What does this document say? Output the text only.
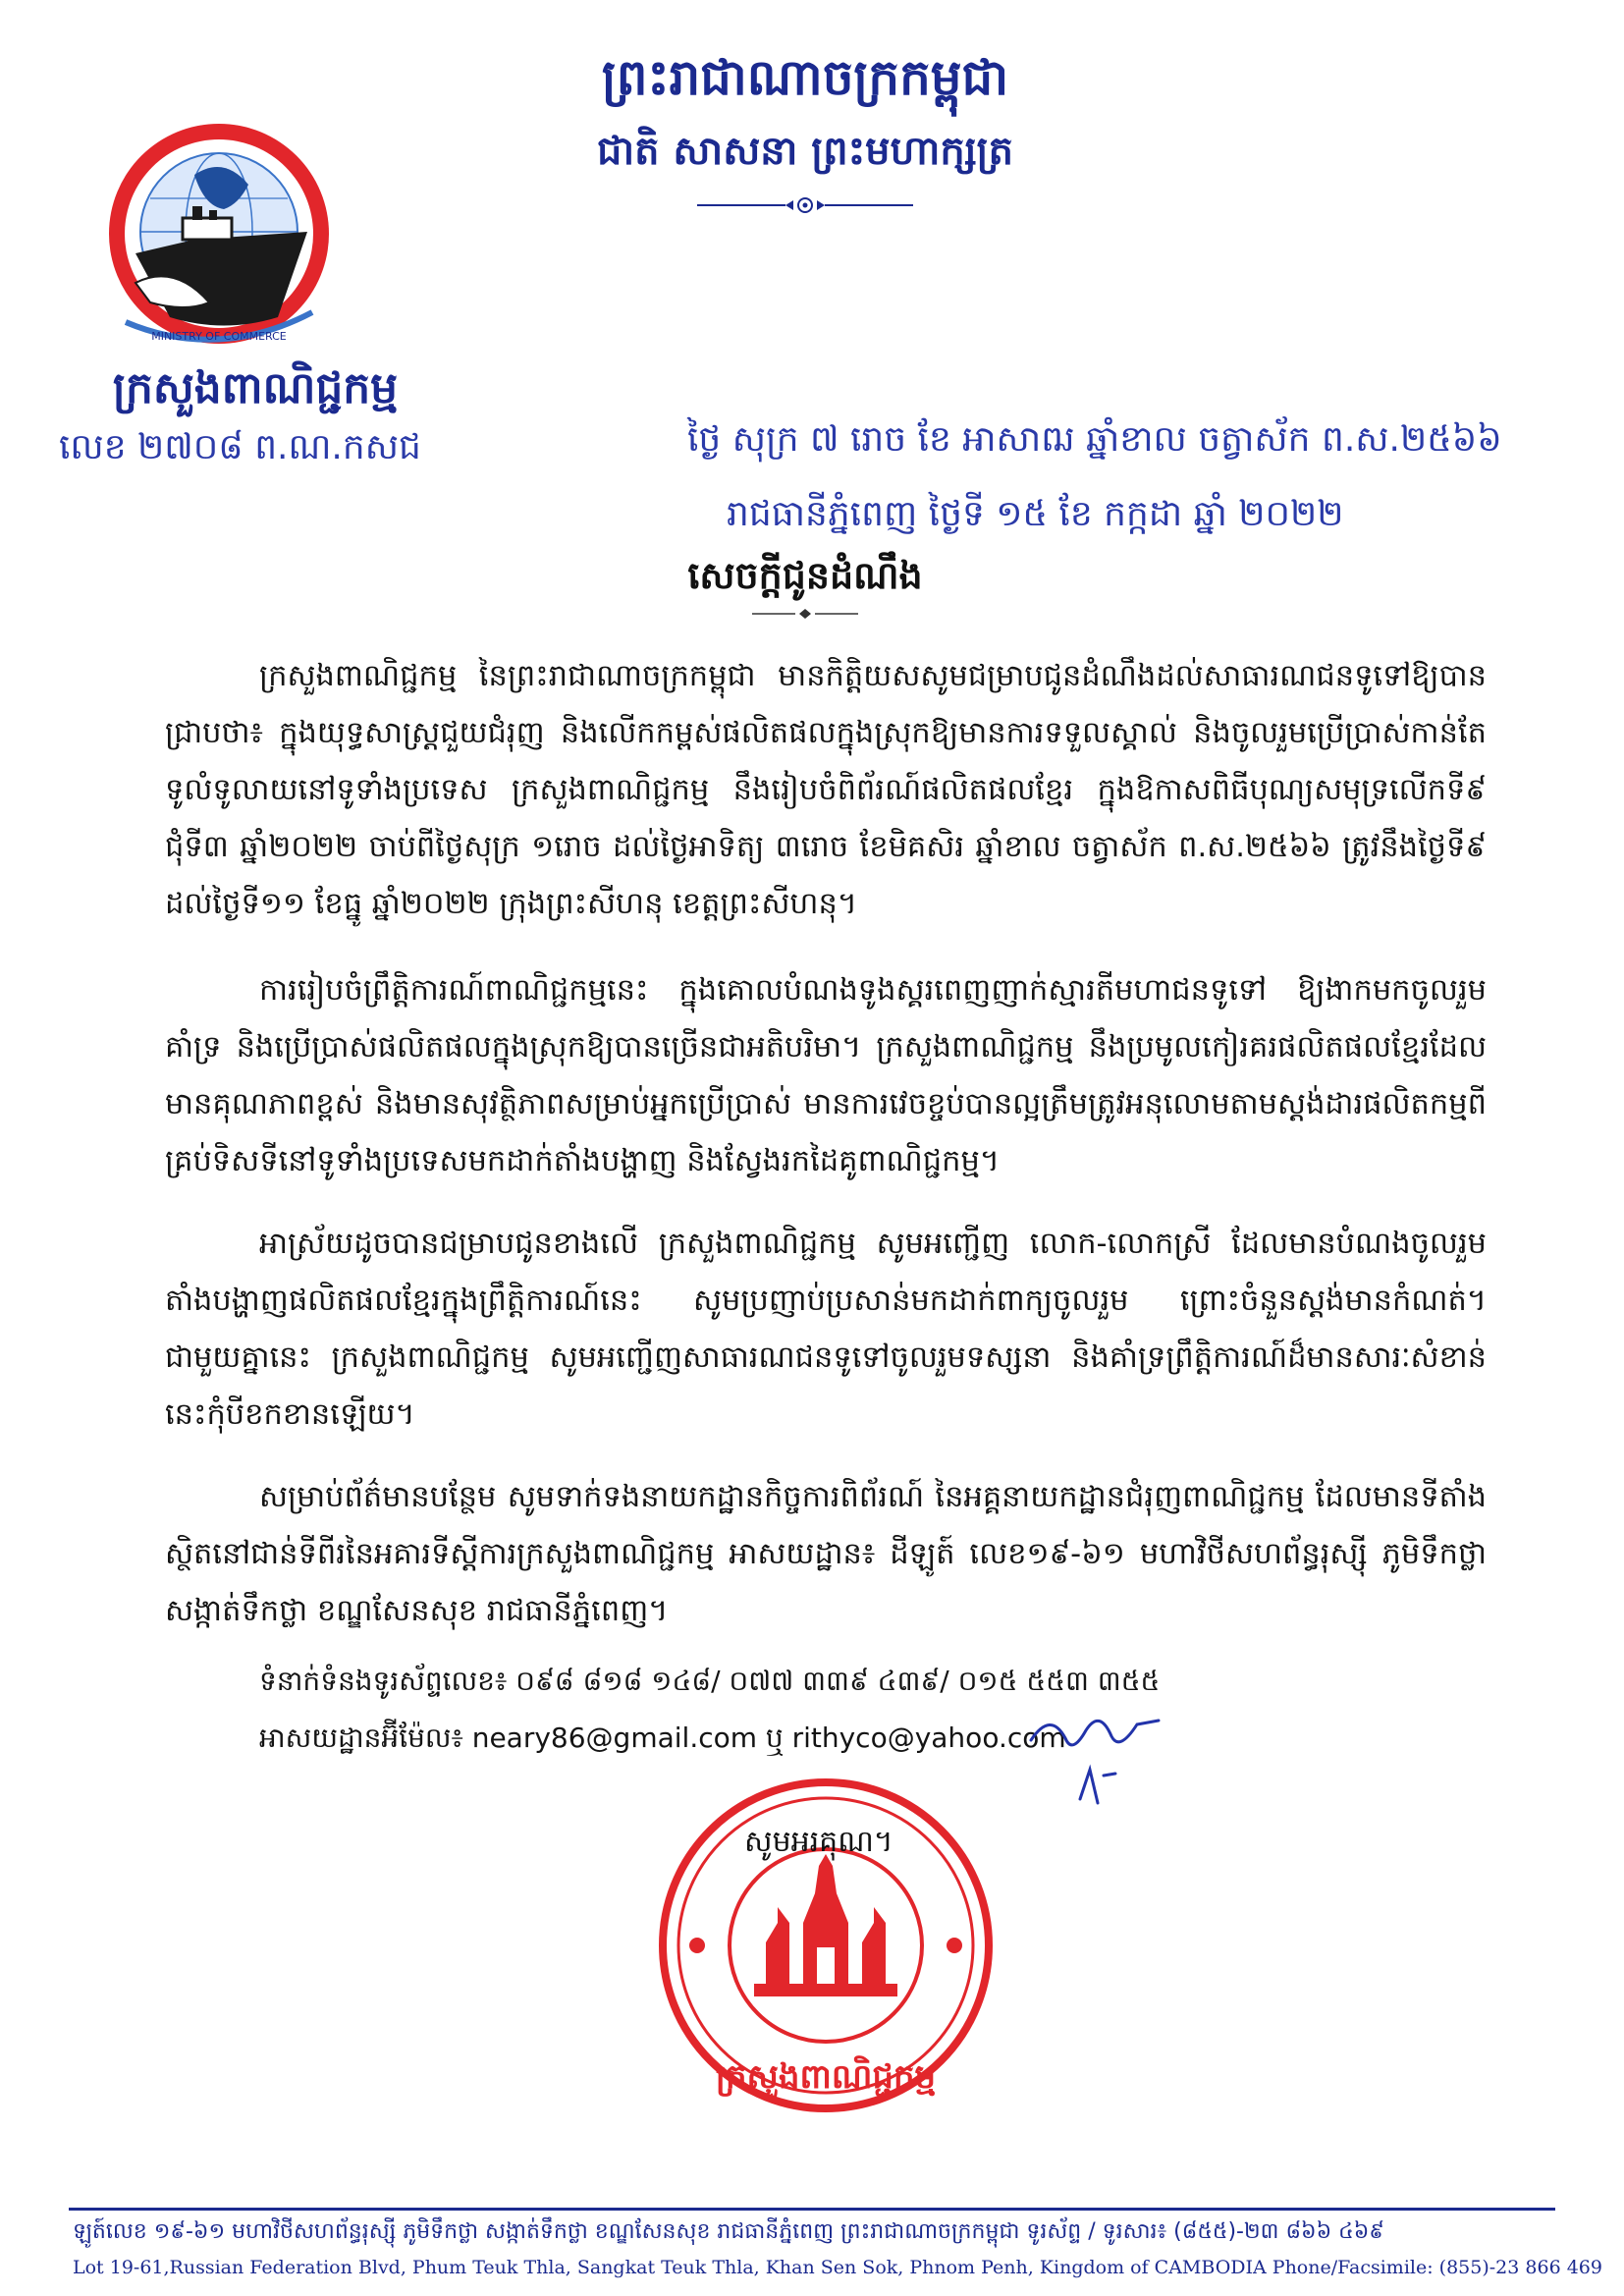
ព្រះរាជាណាចក្រកម្ពុជា
ជាតិ សាសនា ព្រះមហាក្សត្រ
MINISTRY OF COMMERCE
ក្រសួងពាណិជ្ជកម្ម
លេខ ២៧០៨ ព.ណ.កសជ	ថ្ងៃ សុក្រ ៧ រោច ខែ អាសាឍ ឆ្នាំខាល ចត្វាស័ក ព.ស.២៥៦៦
រាជធានីភ្នំពេញ ថ្ងៃទី ១៥ ខែ កក្កដា ឆ្នាំ ២០២២
សេចក្តីជូនដំណឹង
ក្រសួងពាណិជ្ជកម្ម នៃព្រះរាជាណាចក្រកម្ពុជា មានកិត្តិយសសូមជម្រាបជូនដំណឹងដល់សាធារណជនទូទៅឱ្យបានជ្រាបថា៖ ក្នុងយុទ្ធសាស្ត្រជួយជំរុញ និងលើកកម្ពស់ផលិតផលក្នុងស្រុកឱ្យមានការទទួលស្គាល់ និងចូលរួមប្រើប្រាស់កាន់តែទូលំទូលាយនៅទូទាំងប្រទេស ក្រសួងពាណិជ្ជកម្ម នឹងរៀបចំពិព័រណ៍ផលិតផលខ្មែរ ក្នុងឱកាសពិធីបុណ្យសមុទ្រលើកទី៩ ជុំទី៣ ឆ្នាំ២០២២ ចាប់ពីថ្ងៃសុក្រ ១រោច ដល់ថ្ងៃអាទិត្យ ៣រោច ខែមិគសិរ ឆ្នាំខាល ចត្វាស័ក ព.ស.២៥៦៦ ត្រូវនឹងថ្ងៃទី៩ ដល់ថ្ងៃទី១១ ខែធ្នូ ឆ្នាំ២០២២ ក្រុងព្រះសីហនុ ខេត្តព្រះសីហនុ។
ការរៀបចំព្រឹត្តិការណ៍ពាណិជ្ជកម្មនេះ ក្នុងគោលបំណងទូងស្គរពេញញាក់ស្មារតីមហាជនទូទៅ ឱ្យងាកមកចូលរួមគាំទ្រ និងប្រើប្រាស់ផលិតផលក្នុងស្រុកឱ្យបានច្រើនជាអតិបរិមា។ ក្រសួងពាណិជ្ជកម្ម នឹងប្រមូលកៀរគរផលិតផលខ្មែរដែលមានគុណភាពខ្ពស់ និងមានសុវត្ថិភាពសម្រាប់អ្នកប្រើប្រាស់ មានការវេចខ្ចប់បានល្អត្រឹមត្រូវអនុលោមតាមស្តង់ដារផលិតកម្មពីគ្រប់ទិសទីនៅទូទាំងប្រទេសមកដាក់តាំងបង្ហាញ និងស្វែងរកដៃគូពាណិជ្ជកម្ម។
អាស្រ័យដូចបានជម្រាបជូនខាងលើ ក្រសួងពាណិជ្ជកម្ម សូមអញ្ជើញ លោក-លោកស្រី ដែលមានបំណងចូលរួមតាំងបង្ហាញផលិតផលខ្មែរក្នុងព្រឹត្តិការណ៍នេះ សូមប្រញាប់ប្រសាន់មកដាក់ពាក្យចូលរួម ព្រោះចំនួនស្តង់មានកំណត់។ ជាមួយគ្នានេះ ក្រសួងពាណិជ្ជកម្ម សូមអញ្ជើញសាធារណជនទូទៅចូលរួមទស្សនា និងគាំទ្រព្រឹត្តិការណ៍ដ៏មានសារៈសំខាន់នេះកុំបីខកខានឡើយ។
សម្រាប់ព័ត៌មានបន្ថែម សូមទាក់ទងនាយកដ្ឋានកិច្ចការពិព័រណ៍ នៃអគ្គនាយកដ្ឋានជំរុញពាណិជ្ជកម្ម ដែលមានទីតាំងស្ថិតនៅជាន់ទីពីរនៃអគារទីស្តីការក្រសួងពាណិជ្ជកម្ម អាសយដ្ឋាន៖ ដីឡូត៍ លេខ១៩-៦១ មហាវិថីសហព័ន្ធរុស្ស៊ី ភូមិទឹកថ្លា សង្កាត់ទឹកថ្លា ខណ្ឌសែនសុខ រាជធានីភ្នំពេញ។
ទំនាក់ទំនងទូរស័ព្ទលេខ៖ ០៩៨ ៨១៨ ១៤៨/ ០៧៧ ៣៣៩ ៤៣៩/ ០១៥ ៥៥៣ ៣៥៥
អាសយដ្ឋានអ៊ីម៉ែល៖ neary86@gmail.com ឬ rithyco@yahoo.com
ក្រសួងពាណិជ្ជកម្ម
សូមអរគុណ។
ឡូត៍លេខ ១៩-៦១ មហាវិថីសហព័ន្ធរុស្ស៊ី ភូមិទឹកថ្លា សង្កាត់ទឹកថ្លា ខណ្ឌសែនសុខ រាជធានីភ្នំពេញ ព្រះរាជាណាចក្រកម្ពុជា ទូរស័ព្ទ / ទូរសារ៖ (៨៥៥)-២៣ ៨៦៦ ៤៦៩
Lot 19-61,Russian Federation Blvd, Phum Teuk Thla, Sangkat Teuk Thla, Khan Sen Sok, Phnom Penh, Kingdom of CAMBODIA Phone/Facsimile: (855)-23 866 469
